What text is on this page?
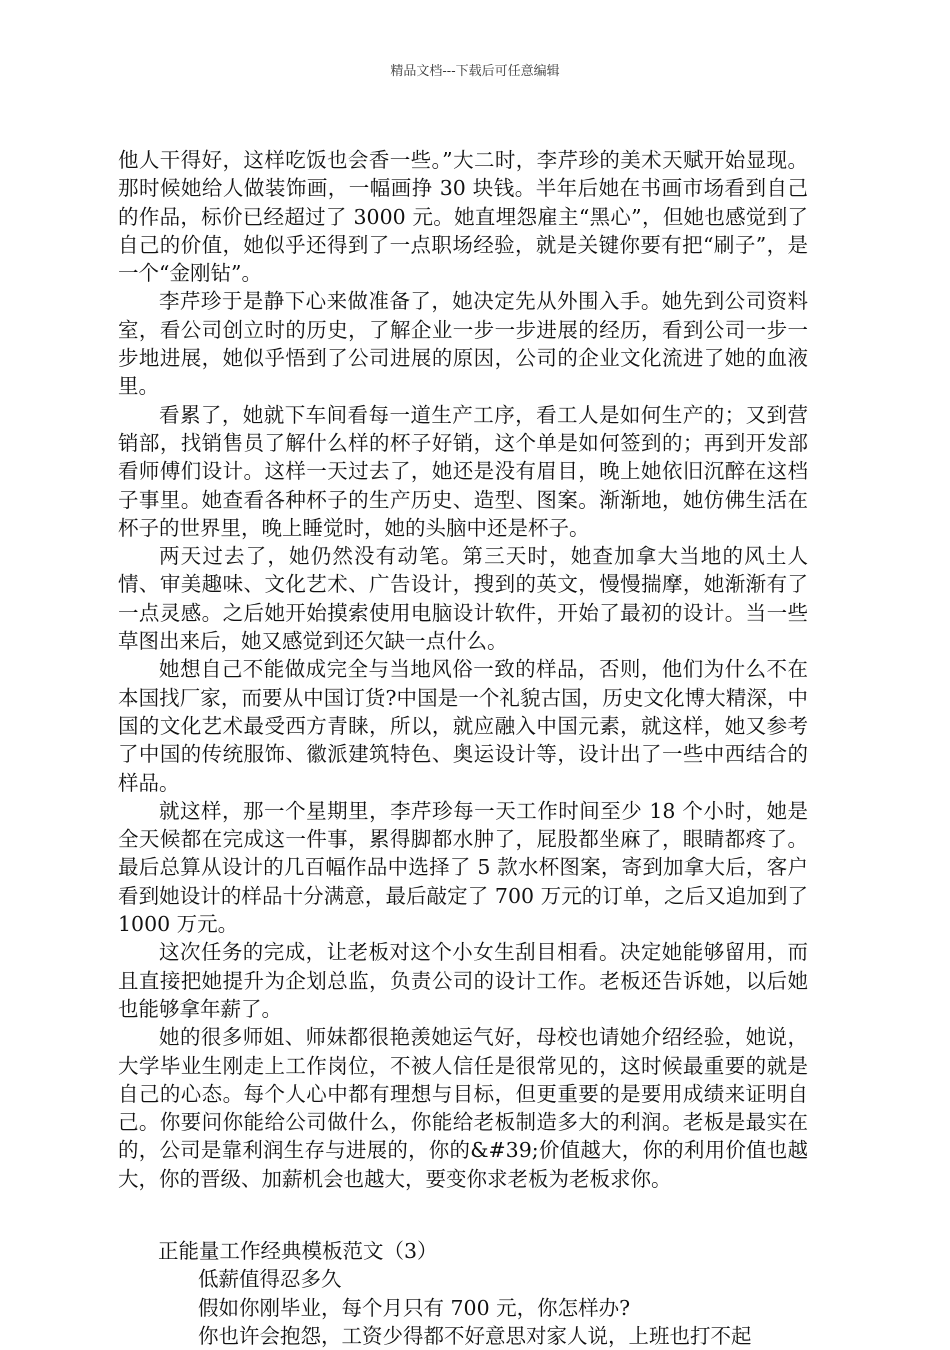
精品文档---下载后可任意编辑

他人干得好，这样吃饭也会香一些。”大二时，李芹珍的美术天赋开始显现。那时候她给人做装饰画，一幅画挣 30 块钱。半年后她在书画市场看到自己的作品，标价已经超过了 3000 元。她直埋怨雇主“黑心”，但她也感觉到了自己的价值，她似乎还得到了一点职场经验，就是关键你要有把“刷子”，是一个“金刚钻”。

李芹珍于是静下心来做准备了，她决定先从外围入手。她先到公司资料室，看公司创立时的历史，了解企业一步一步进展的经历，看到公司一步一步地进展，她似乎悟到了公司进展的原因，公司的企业文化流进了她的血液里。

看累了，她就下车间看每一道生产工序，看工人是如何生产的；又到营销部，找销售员了解什么样的杯子好销，这个单是如何签到的；再到开发部看师傅们设计。这样一天过去了，她还是没有眉目，晚上她依旧沉醉在这档子事里。她查看各种杯子的生产历史、造型、图案。渐渐地，她仿佛生活在杯子的世界里，晚上睡觉时，她的头脑中还是杯子。

两天过去了，她仍然没有动笔。第三天时，她查加拿大当地的风土人情、审美趣味、文化艺术、广告设计，搜到的英文，慢慢揣摩，她渐渐有了一点灵感。之后她开始摸索使用电脑设计软件，开始了最初的设计。当一些草图出来后，她又感觉到还欠缺一点什么。

她想自己不能做成完全与当地风俗一致的样品，否则，他们为什么不在本国找厂家，而要从中国订货?中国是一个礼貌古国，历史文化博大精深，中国的文化艺术最受西方青睐，所以，就应融入中国元素，就这样，她又参考了中国的传统服饰、徽派建筑特色、奥运设计等，设计出了一些中西结合的样品。

就这样，那一个星期里，李芹珍每一天工作时间至少 18 个小时，她是全天候都在完成这一件事，累得脚都水肿了，屁股都坐麻了，眼睛都疼了。最后总算从设计的几百幅作品中选择了 5 款水杯图案，寄到加拿大后，客户看到她设计的样品十分满意，最后敲定了 700 万元的订单，之后又追加到了 1000 万元。

这次任务的完成，让老板对这个小女生刮目相看。决定她能够留用，而且直接把她提升为企划总监，负责公司的设计工作。老板还告诉她，以后她也能够拿年薪了。

她的很多师姐、师妹都很艳羡她运气好，母校也请她介绍经验，她说，大学毕业生刚走上工作岗位，不被人信任是很常见的，这时候最重要的就是自己的心态。每个人心中都有理想与目标，但更重要的是要用成绩来证明自己。你要问你能给公司做什么，你能给老板制造多大的利润。老板是最实在的，公司是靠利润生存与进展的，你的&#39;价值越大，你的利用价值也越大，你的晋级、加薪机会也越大，要变你求老板为老板求你。

正能量工作经典模板范文（3）
低薪值得忍多久

假如你刚毕业，每个月只有 700 元，你怎样办?

你也许会抱怨，工资少得都不好意思对家人说，上班也打不起
